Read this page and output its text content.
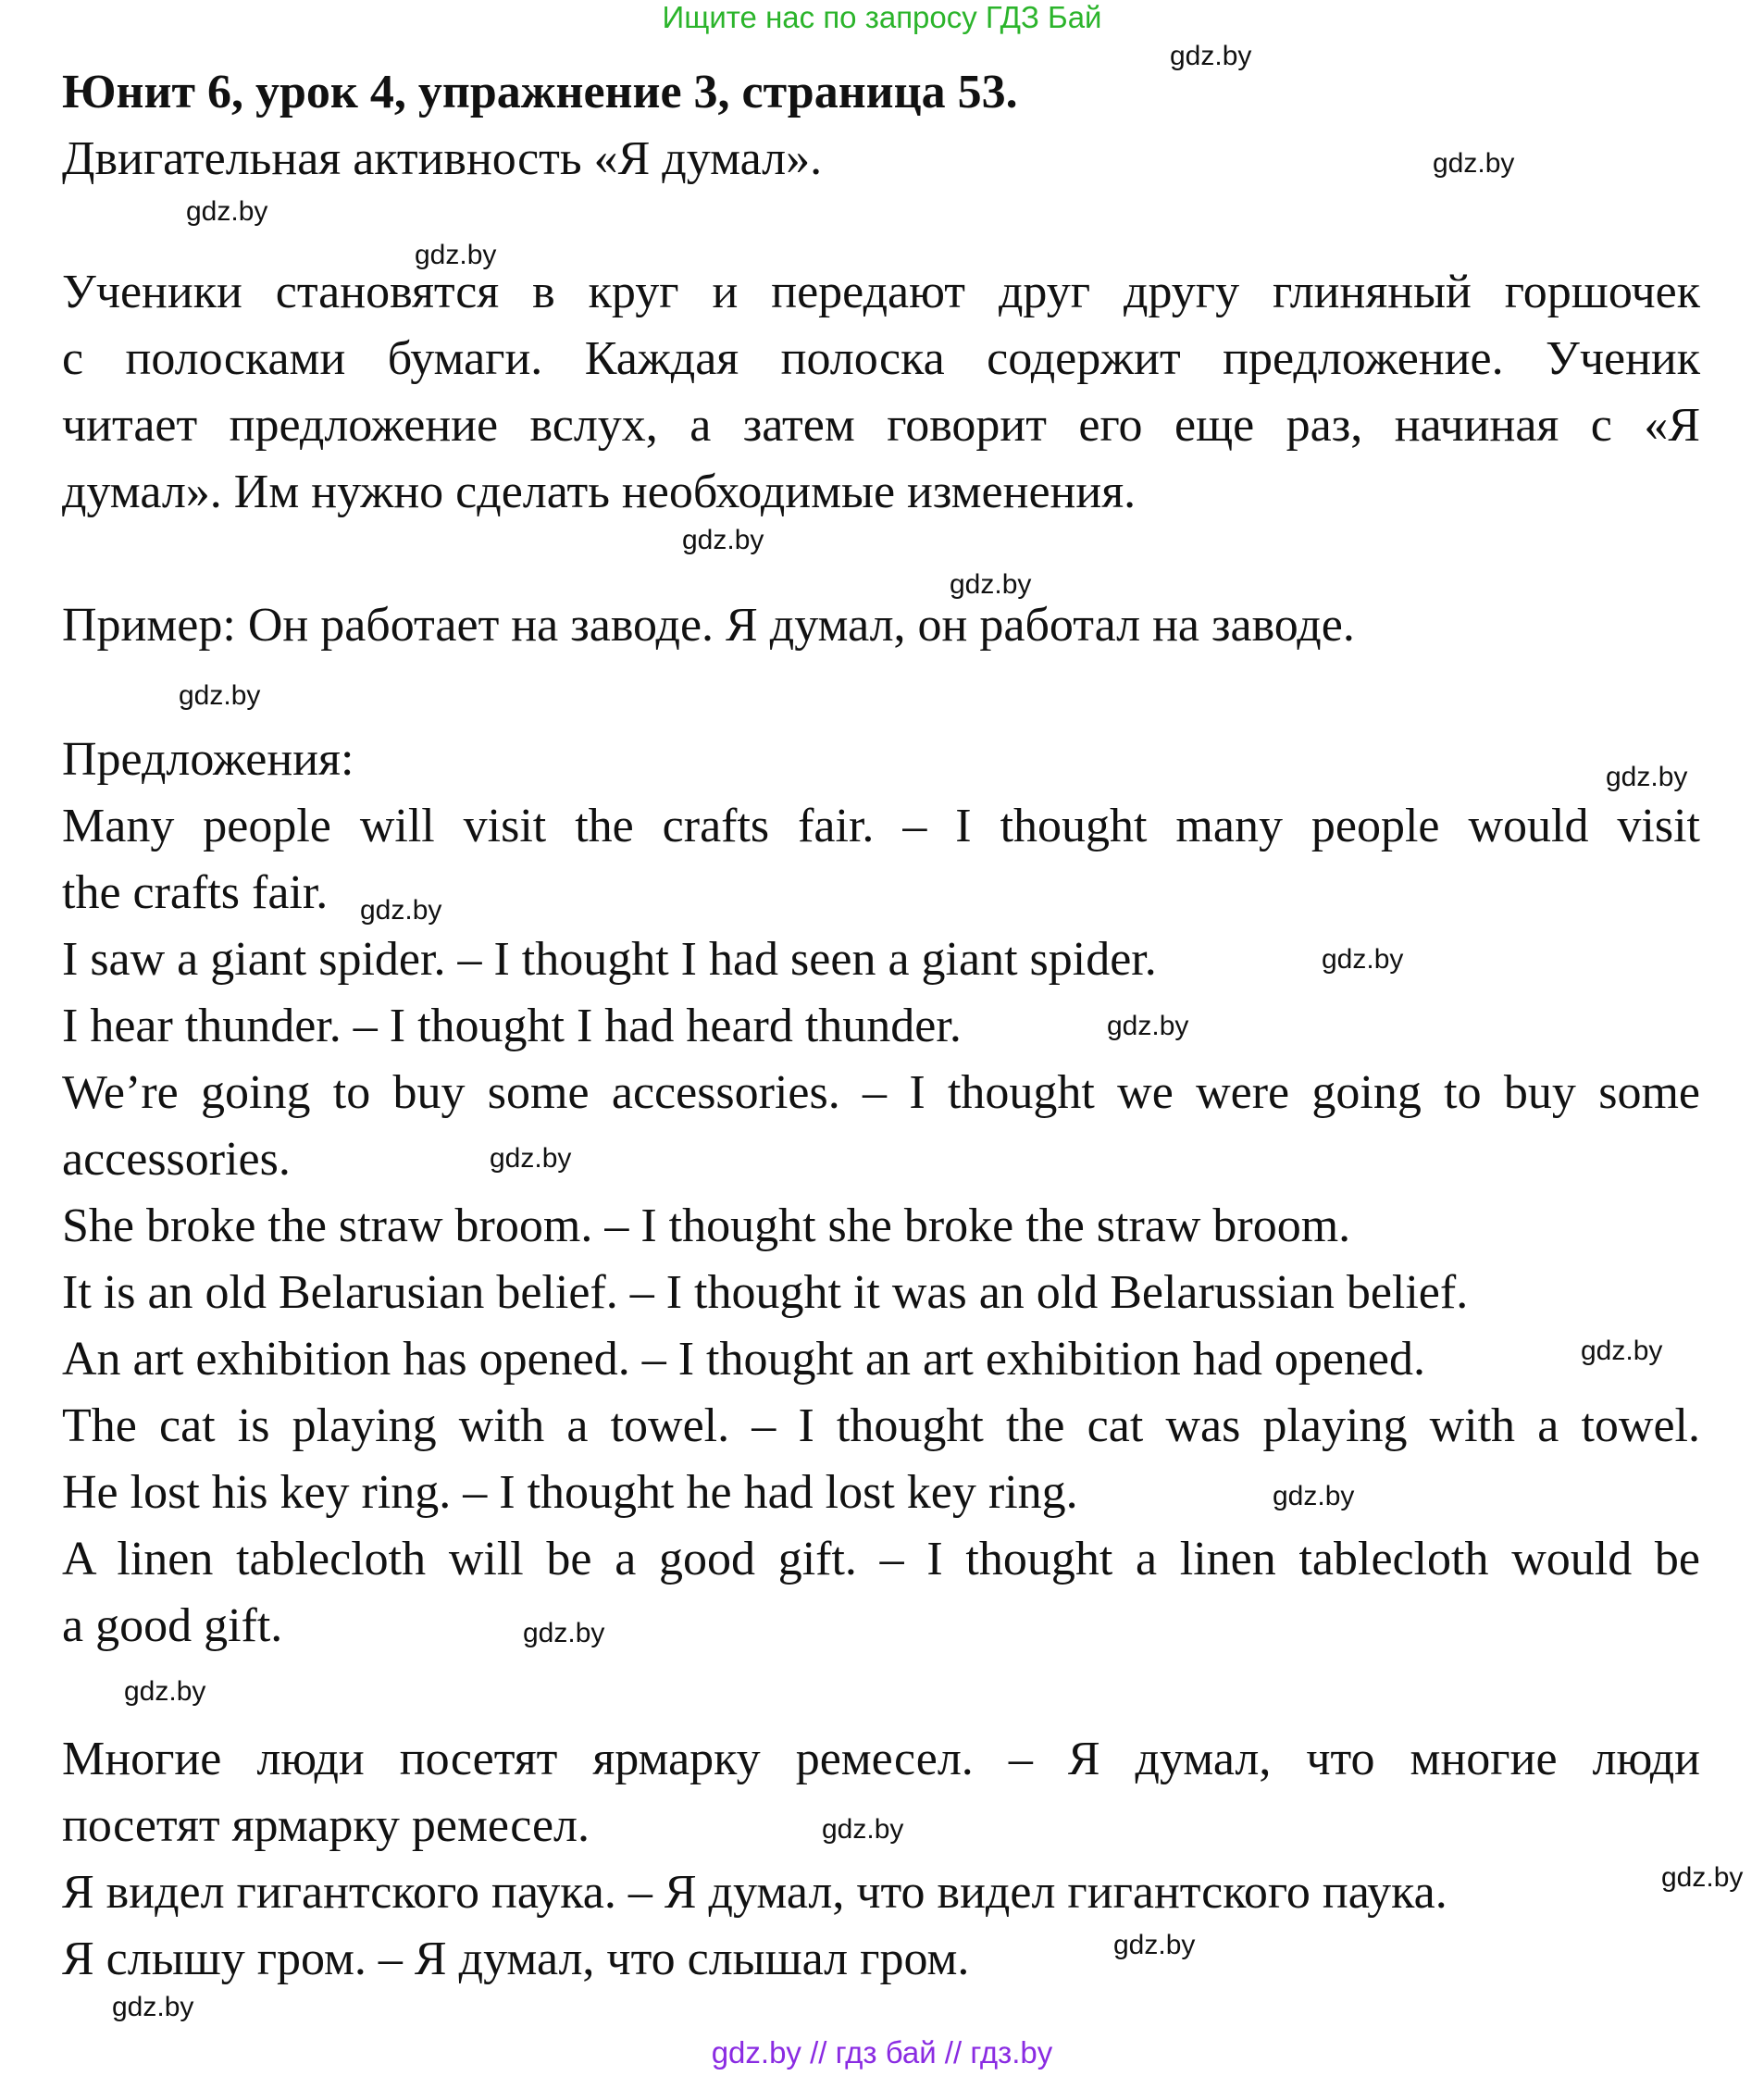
Ищите нас по запросу ГДЗ Бай
Юнит 6, урок 4, упражнение 3, страница 53.
Двигательная активность «Я думал».
Ученики становятся в круг и передают друг другу глиняный горшочек
с полосками бумаги. Каждая полоска содержит предложение. Ученик
читает предложение вслух, а затем говорит его еще раз, начиная с «Я
думал». Им нужно сделать необходимые изменения.
Пример: Он работает на заводе. Я думал, он работал на заводе.
Предложения:
Many people will visit the crafts fair. – I thought many people would visit
the crafts fair.
I saw a giant spider. – I thought I had seen a giant spider.
I hear thunder. – I thought I had heard thunder.
We’re going to buy some accessories. – I thought we were going to buy some
accessories.
She broke the straw broom. – I thought she broke the straw broom.
It is an old Belarusian belief. – I thought it was an old Belarussian belief.
An art exhibition has opened. – I thought an art exhibition had opened.
The cat is playing with a towel. – I thought the cat was playing with a towel.
He lost his key ring. – I thought he had lost key ring.
A linen tablecloth will be a good gift. – I thought a linen tablecloth would be
a good gift.
Многие люди посетят ярмарку ремесел. – Я думал, что многие люди
посетят ярмарку ремесел.
Я видел гигантского паука. – Я думал, что видел гигантского паука.
Я слышу гром. – Я думал, что слышал гром.
gdz.by
gdz.by
gdz.by
gdz.by
gdz.by
gdz.by
gdz.by
gdz.by
gdz.by
gdz.by
gdz.by
gdz.by
gdz.by
gdz.by
gdz.by
gdz.by
gdz.by
gdz.by
gdz.by
gdz.by
gdz.by // гдз бай // гдз.by
